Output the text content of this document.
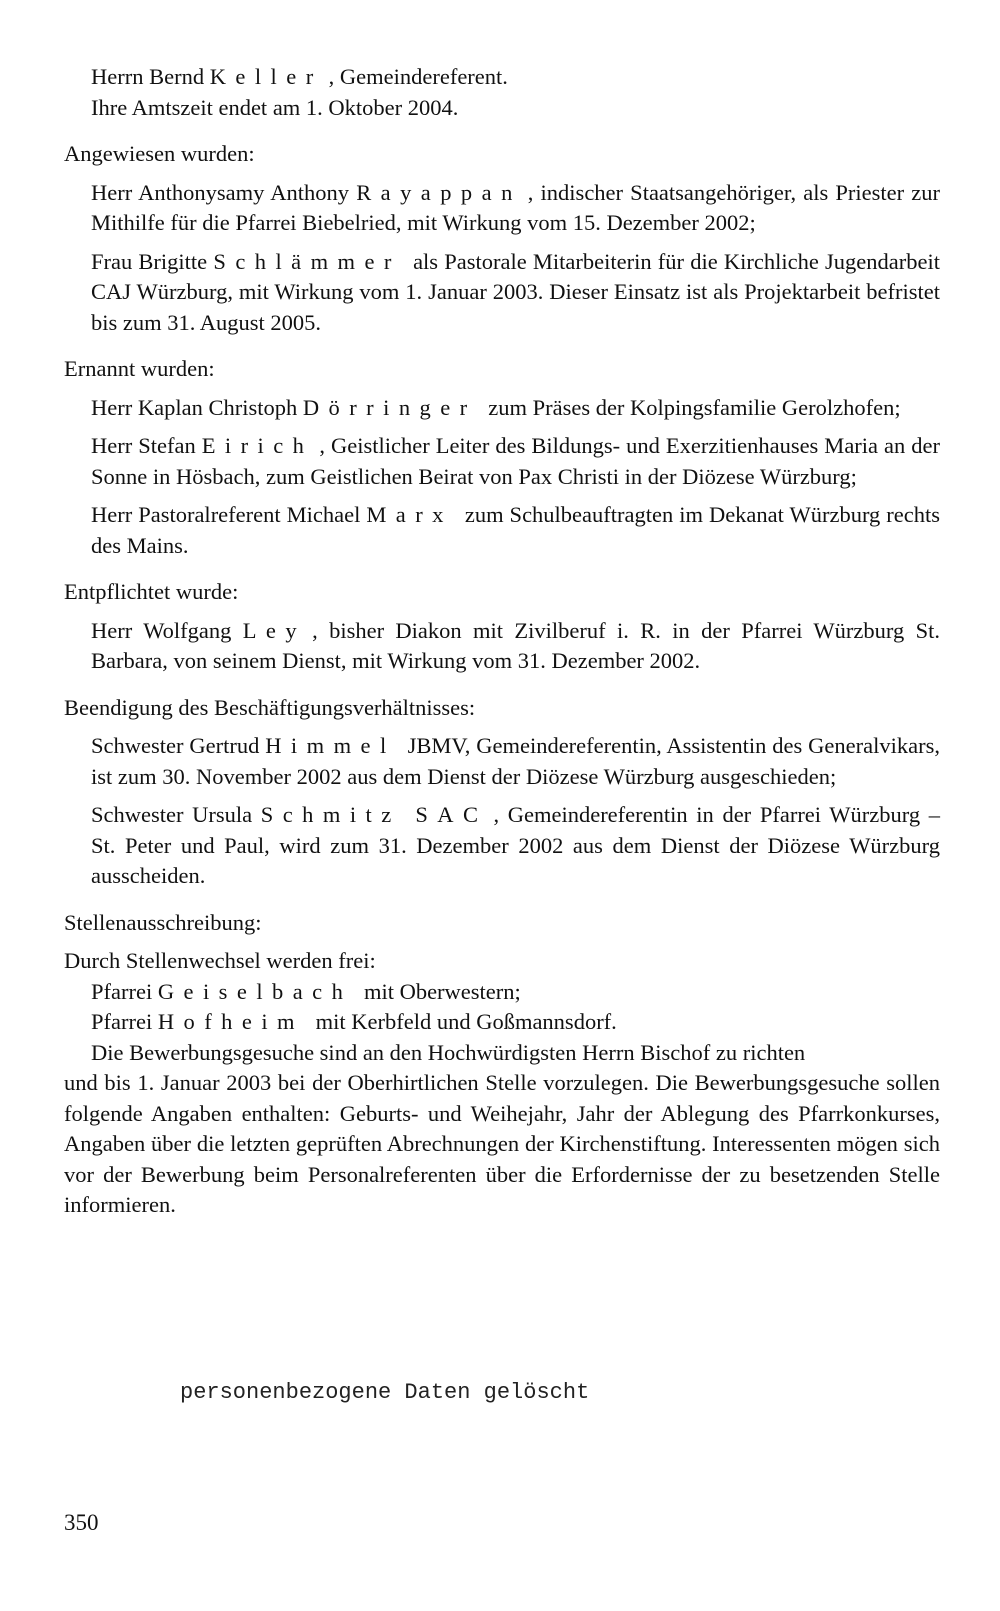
Herrn Bernd Keller , Gemeindereferent.

Ihre Amtszeit endet am 1. Oktober 2004.

Angewiesen wurden:

Herr Anthonysamy Anthony Rayappan , indischer Staatsangehöriger, als Priester zur Mithilfe für die Pfarrei Biebelried, mit Wirkung vom 15. Dezember 2002;

Frau Brigitte Schlämmer als Pastorale Mitarbeiterin für die Kirchliche Jugendarbeit CAJ Würzburg, mit Wirkung vom 1. Januar 2003. Dieser Einsatz ist als Projektarbeit befristet bis zum 31. August 2005.

Ernannt wurden:

Herr Kaplan Christoph Dörringer zum Präses der Kolpingsfamilie Gerolzhofen;

Herr Stefan Eirich , Geistlicher Leiter des Bildungs- und Exerzitienhauses Maria an der Sonne in Hösbach, zum Geistlichen Beirat von Pax Christi in der Diözese Würzburg;

Herr Pastoralreferent Michael Marx zum Schulbeauftragten im Dekanat Würzburg rechts des Mains.

Entpflichtet wurde:

Herr Wolfgang Ley , bisher Diakon mit Zivilberuf i. R. in der Pfarrei Würzburg St. Barbara, von seinem Dienst, mit Wirkung vom 31. Dezember 2002.

Beendigung des Beschäftigungsverhältnisses:

Schwester Gertrud Himmel JBMV, Gemeindereferentin, Assistentin des Generalvikars, ist zum 30. November 2002 aus dem Dienst der Diözese Würzburg ausgeschieden;

Schwester Ursula Schmitz SAC , Gemeindereferentin in der Pfarrei Würzburg – St. Peter und Paul, wird zum 31. Dezember 2002 aus dem Dienst der Diözese Würzburg ausscheiden.

Stellenausschreibung:

Durch Stellenwechsel werden frei:

Pfarrei Geiselbach mit Oberwestern;

Pfarrei Hofheim mit Kerbfeld und Goßmannsdorf.

Die Bewerbungsgesuche sind an den Hochwürdigsten Herrn Bischof zu richten

und bis 1. Januar 2003 bei der Oberhirtlichen Stelle vorzulegen. Die Bewerbungsgesuche sollen folgende Angaben enthalten: Geburts- und Weihejahr, Jahr der Ablegung des Pfarrkonkurses, Angaben über die letzten geprüften Abrechnungen der Kirchenstiftung. Interessenten mögen sich vor der Bewerbung beim Personalreferenten über die Erfordernisse der zu besetzenden Stelle informieren.

personenbezogene Daten gelöscht
350
